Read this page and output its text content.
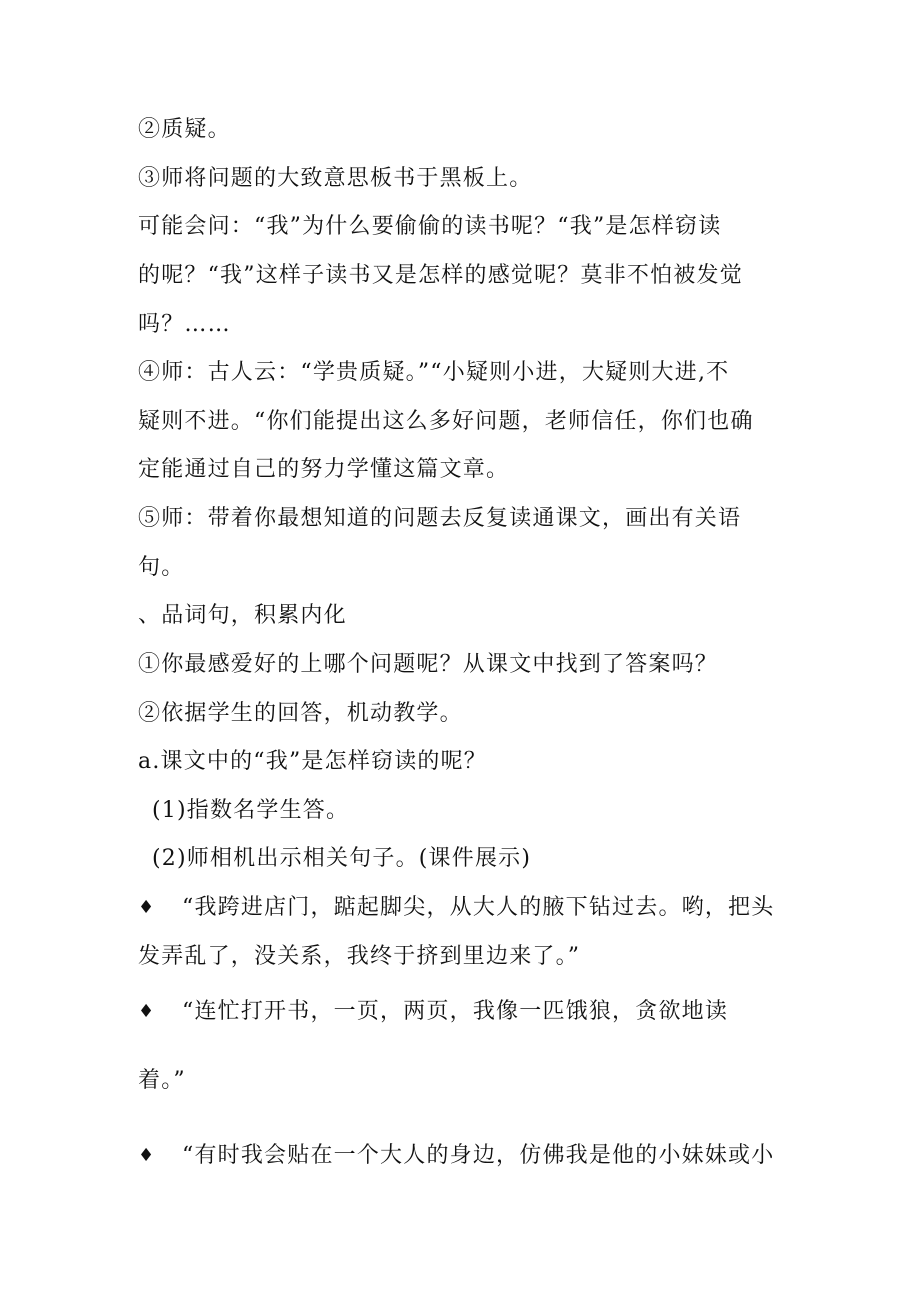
②质疑。
③师将问题的大致意思板书于黑板上。
可能会问：“我”为什么要偷偷的读书呢？“我”是怎样窃读
的呢？“我”这样子读书又是怎样的感觉呢？莫非不怕被发觉
吗？……
④师：古人云：“学贵质疑。”“小疑则小进，大疑则大进,不
疑则不进。“你们能提出这么多好问题，老师信任，你们也确
定能通过自己的努力学懂这篇文章。
⑤师：带着你最想知道的问题去反复读通课文，画出有关语
句。
、品词句，积累内化
①你最感爱好的上哪个问题呢？从课文中找到了答案吗？
②依据学生的回答，机动教学。
a.课文中的“我”是怎样窃读的呢？
(1)指数名学生答。
(2)师相机出示相关句子。(课件展示)
♦ “我跨进店门，踮起脚尖，从大人的腋下钻过去。哟，把头
发弄乱了，没关系，我终于挤到里边来了。”
♦ “连忙打开书，一页，两页，我像一匹饿狼，贪欲地读
着。”
♦ “有时我会贴在一个大人的身边，仿佛我是他的小妹妹或小
